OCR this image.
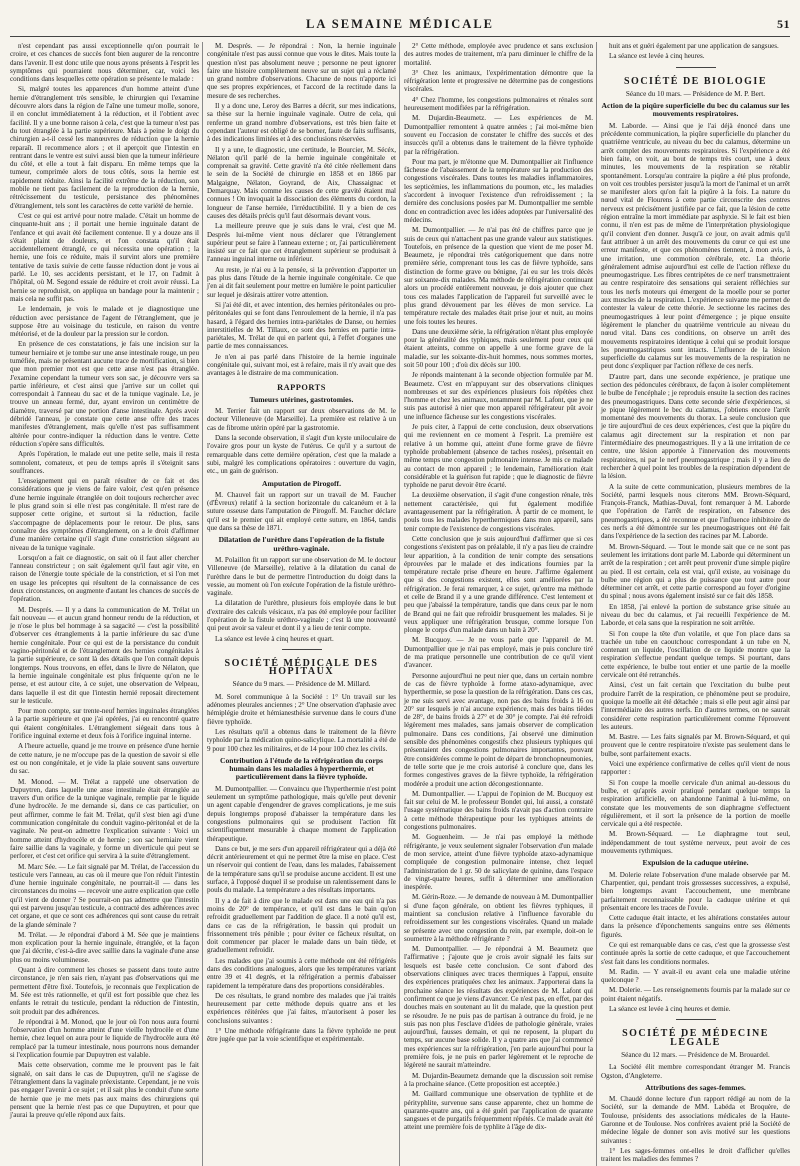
LA SEMAINE MÉDICALE	51

n'est cependant pas aussi exceptionnelle qu'on pourrait le croire, et ces chances de succès font bien augurer de la rencontre dans l'avenir. Il est donc utile que nous ayons présents à l'esprit les symptômes qui pourraient nous déterminer, car, voici les conditions dans lesquelles cette opération se présente le malade :

Si, malgré toutes les apparences d'un homme atteint d'une hernie d'étranglement très sensible, le chirurgien qui l'examine découvre alors dans la région de l'aîne une tumeur molle, sonore, il en conclut immédiatement à la réduction, et il l'obtient avec facilité. Il y a une bonne raison à cela, c'est que la tumeur n'est pas du tout étranglée à la partie supérieure. Mais à peine le doigt du chirurgien a-t-il cessé les manœuvres de réduction que la hernie reparaît. Il recommence alors ; et il aperçoit que l'intestin en rentrant dans le ventre est suivi aussi bien que la tumeur inférieure du côté, et elle a tout à fait disparu. En même temps que la tumeur, comprimée alors de tous côtés, sous la hernie est rapidement réduite. Ainsi la facilité extrême de la réduction, son mobile ne tient pas facilement de la reproduction de la hernie, rétrécissement du testicule, persistance des phénomènes d'étranglement, tels sont les caractères de cette variété de hernie.

C'est ce qui est arrivé pour notre malade. C'était un homme de cinquante-huit ans ; il portait une hernie inguinale datant de l'enfance et qui avait été facilement contenue. Il y a douze ans il s'était plaint de douleurs, et l'on constata qu'il était accidentellement étranglé, ce qui nécessita une opération ; la hernie, une fois ce réduite, mais il survint alors une première tentative de taxis suivie de cette fausse réduction dont je vous ai parlé. Le 10, ses accidents persistant, et le 17, on l'admit à l'hôpital, où M. Segond essaie de réduire et croit avoir réussi. La hernie se reproduisit, on appliqua un bandage pour la maintenir ; mais cela ne suffit pas.

Le lendemain, je vois le malade et je diagnostique une réduction avec persistance de l'agent de l'étranglement, que je suppose être au voisinage du testicule, en raison du ventre météorisé, et de la douleur par la pression sur le cordon.

En présence de ces constatations, je fais une incision sur la tumeur herniaire et je tombe sur une anse intestinale rouge, un peu tuméfiée, mais ne présentant aucune trace de mortification, si bien que mon premier mot est que cette anse n'est pas étranglée. J'examine cependant la tumeur vers son sac, je découvre vers sa partie inférieure, et c'est ainsi que j'arrive sur un collet qui correspondait à l'anneau du sac et de la tunique vaginale. Le, je trouve un anneau fermé, dur, ayant environ un centimètre de diamètre, traversé par une portion d'anse intestinale. Après avoir débridé l'anneau, je constate que cette anse offre des traces manifestes d'étranglement, mais qu'elle n'est pas suffisamment altérée pour contre-indiquer la réduction dans le ventre. Cette réduction s'opère sans difficultés.

Après l'opération, le malade eut une petite selle, mais il resta somnolent, comateux, et peu de temps après il s'éteignit sans souffrances.

L'enseignement qui en paraît résulter de ce fait et des considérations que je viens de faire valoir, c'est qu'en présence d'une hernie inguinale étranglée on doit toujours rechercher avec le plus grand soin si elle n'est pas congénitale. Il m'est rare de supposer cette origine, et surtout si la réduction, facile s'accompagne de déplacements pour le retour. De plus, sans connaître des symptômes d'étranglement, on a le droit d'affirmer d'une manière certaine qu'il s'agit d'une constriction siégeant au niveau de la tunique vaginale.

Lorsqu'on a fait ce diagnostic, on sait où il faut aller chercher l'anneau constricteur ; on sait également qu'il faut agir vite, en raison de l'énergie toute spéciale de la constriction, et si l'on met en usage les préceptes qui résultent de la connaissance de ces deux circonstances, on augmente d'autant les chances de succès de l'opération.

M. Després. — Il y a dans la communication de M. Trélat un fait nouveau — et aucun grand honneur rendu de la réduction, et je n'ose le plus bel hommage à sa sagacité — c'est la possibilité d'observer ces étranglements à la partie inférieure du sac d'une hernie congénitale. Pour ce qui est de la persistance du conduit vagino-péritonéal et de l'étranglement des hernies congénitales à la partie supérieure, ce sont là des détails que l'on connaît depuis longtemps. Nous trouvons, en effet, dans le livre de Nélaton, que la hernie inguinale congénitale est plus fréquente qu'on ne le pense, et est autour cite, à ce sujet, une observation de Velpeau, dans laquelle il est dit que l'intestin hernié reposait directement sur le testicule.

Pour mon compte, sur trente-neuf hernies inguinales étranglées à la partie supérieure et que j'ai opérées, j'ai eu rencontré quatre qui étaient congénitales. L'étranglement siégeait dans tous à l'orifice inguinal externe et deux fois à l'orifice inguinal interne.

A l'heure actuelle, quand je me trouve en présence d'une hernie de cette nature, je ne m'occupe pas de la question de savoir si elle est ou non congénitale, et je vide la plaie souvent sans ouverture du sac.

M. Monod. — M. Trélat a rappelé une observation de Dupuytren, dans laquelle une anse intestinale était étranglée au travers d'un orifice de la tunique vaginale, remplie par le liquide d'une hydrocèle. Je me demande si, dans ce cas particulier, on peut affirmer, comme le fait M. Trélat, qu'il s'est bien agi d'une communication congénitale du conduit vagino-péritonéal et de la vaginale. Ne peut-on admettre l'explication suivante : Voici un homme atteint d'hydrocèle et de hernie ; son sac herniaire vient faire saillie dans la vaginale, y forme un diverticule qui peut se perforer, et c'est cet orifice qui servira à la suite d'étranglement.

M. Marc Sée. — Le fait signalé par M. Trélat, de l'accession du testicule vers l'anneau, au cas où il meure que l'on réduit l'intestin d'une hernie inguinale congénitale, ne pourrait-il — dans les circonstances du moins — recevoir une autre explication que celle qu'il vient de donner ? Se pourrait-on pas admettre que l'intestin qui est parvenu jusqu'au testicule, a contracté des adhérences avec cet organe, et que ce sont ces adhérences qui sont cause du retrait de la glande séminale ?

M. Trélat. — Je répondrai d'abord à M. Sée que je maintiens mon explication pour la hernie inguinale, étranglée, et la façon que j'ai décrite, c'est-à-dire avec saillie dans la vaginale d'une anse plus ou moins volumineuse.

Quant à dire comment les choses se passent dans toute autre circonstance, je n'en sais rien, n'ayant pas d'observations qui me permettent d'être fixé. Toutefois, je reconnais que l'explication de M. Sée est très rationnelle, et qu'il est fort possible que chez les enfants le retrait du testicule, pendant la réduction de l'intestin, soit produit par des adhérences.

Je répondrai à M. Monod, que le jour où l'on nous aura fourni l'observation d'un homme atteint d'une vieille hydrocèle et d'une hernie, chez lequel on aura pour le liquide de l'hydrocèle aura été remplacé par la tumeur intestinale, nous pourrons nous demander si l'explication fournie par Dupuytren est valable.

Mais cette observation, comme me le prouvent pas le fait signalé, on sait dans le cas de Dupuytren, qu'il ne s'agisse de l'étranglement dans la vaginale préexistante. Cependant, je ne vois pas engager l'avenir à ce sujet ; et il sait plus le conduit d'une sorte de hernie que je me mets pas aux mains des chirurgiens qui pensent que la hernie n'est pas ce que Dupuytren, et pour que j'aurai la preuve qu'elle répond aux faits.

M. Després. — Je répondrai : Non, la hernie inguinale congénitale n'est pas aussi connue que vous le dites. Mais toute la question n'est pas absolument neuve ; personne ne peut ignorer faire une histoire complètement neuve sur un sujet qui a réclamé un grand nombre d'observations. Chacune de nous n'apporte ici que ses propres expériences, et l'accord de la rectitude dans la mesure de ses recherches.

Il y a donc une, Leroy des Barres a décrit, sur mes indications, sa thèse sur la hernie inguinale vaginale. Outre de cela, qui renferme un grand nombre d'observations, est très bien faite et cependant l'auteur est obligé de se borner, faute de faits suffisants, à des indications limitées et à des conclusions réservées.

Il y a une, le diagnostic, une certitude, le Bourcier, M. Sécéx, Nélaton qu'il parlé de la hernie inguinale congénitale et comprenait sa gravité. Cette gravité n'a été citée réellement dans le sein de la Société de chirurgie en 1858 et en 1866 par Malgaigne, Nélaton, Goyrand, de Aix, Chassaignac et Demarquay. Mais comme les causes de cette gravité étaient mal connues ! On invoquait la dissociation des éléments du cordon, la longueur de l'anse herniée, l'irréductibilité. Il y a bien de ces causes des détails précis qu'il faut désormais devant vous.

La meilleure preuve que je suis dans le vrai, c'est que M. Després lui-même vient nous déclarer que l'étranglement supérieur peut se faire à l'anneau externe ; or, j'ai particulièrement insisté sur ce fait que cet étranglement supérieur se produisait à l'anneau inguinal interne ou inférieur.

Au reste, je n'ai eu à la pensée, si la prévention d'apporter un pas plus dans l'étude de la hernie inguinale congénitale. Ce que j'en ai dit fait seulement pour mettre en lumière le point particulier sur lequel je désirais attirer votre attention.

Si j'ai été dit, et avec intention, des hernies péritonéales ou pro-péritonéales qui se font dans l'enroulement de la hernie, il n'a pas hasard, à l'égard des hernies intra-pariétales de Danse, ou hernies interstitielles de M. Tillaux, ce sont des hernies en partie intra-pariétales, M. Trélat de qui en parlent qui, à l'effet d'organes une partie de mes connaissances.

Je n'en ai pas parlé dans l'histoire de la hernie inguinale congénitale qui, suivant moi, est à refaire, mais il n'y avait que des avantages à le distraire de ma communication.

RAPPORTS
Tumeurs utérines, gastrotomies.

M. Terrier fait un rapport sur deux observations de M. le docteur Villeneuve (de Marseille). La première est relative à un cas de fibrome utérin opéré par la gastrotomie.

Dans la seconde observation, il s'agit d'un kyste uniloculaire de l'ovaire gros pour un kyste de l'utérus. Ce qu'il y a surtout de remarquable dans cette dernière opération, c'est que la malade a subi, malgré les complications opératoires : ouverture du vagin, etc., un gain de guérison.

Amputation de Pirogoff.

M. Chauvel fait un rapport sur un travail de M. Faucher (d'Évreux) relatif à la section horizontale du calcanéum et à la suture osseuse dans l'amputation de Pirogoff. M. Faucher déclare qu'il est le premier qui ait employé cette suture, en 1864, tandis que dans sa thèse de 1871.

Dilatation de l'urèthre dans l'opération de la fistule uréthro-vaginale.

M. Polaillon fit un rapport sur une observation de M. le docteur Villeneuve (de Marseille), relative à la dilatation du canal de l'urèthre dans le but de permettre l'introduction du doigt dans la vessie, au moment où l'on exécute l'opération de la fistule uréthro-vaginale.

La dilatation de l'urèthre, plusieurs fois employée dans le but d'extraire des calculs vésicaux, n'a pas été employée pour faciliter l'opération de la fistule uréthro-vaginale ; c'est là une nouveauté qui peut avoir sa valeur et dont il y a lieu de tenir compte.

La séance est levée à cinq heures et quart.

SOCIÉTÉ MÉDICALE DES HOPITAUX
Séance du 9 mars. — Présidence de M. Millard.

M. Sorel communique à la Société : 1° Un travail sur les adénomes pleurales anciennes ; 2° Une observation d'aphasie avec hémiplégie droite et hémianesthésie survenue dans le cours d'une fièvre typhoïde.

Les résultats qu'il a obtenus dans le traitement de la fièvre typhoïde par la médication quino-salicylique. La mortalité a été de 9 pour 100 chez les militaires, et de 14 pour 100 chez les civils.

Contribution à l'étude de la réfrigération du corps humain dans les maladies à hyperthermie, et particulièrement dans la fièvre typhoïde.

M. Dumontpallier. — Convaincu que l'hyperthermie n'est point seulement un symptôme pathologique, mais qu'elle peut devenir un agent capable d'engendrer de graves complications, je me suis depuis longtemps proposé d'abaisser la température dans les congestions pulmonaires qui se produisent l'action fût scientifiquement mesurable à chaque moment de l'application thérapeutique.

Dans ce but, je me sers d'un appareil réfrigérateur qui a déjà été décrit antérieurement et qui ne permet être la mise en place. C'est un réservoir qui contient de l'eau, dans les malades, l'abaissement de la température sans qu'il se produise aucune accident. Il est une surface, à l'opposé duquel il se produise un ralentissement dans le pouls du malade. La température a des résultats importants.

Il y a de fait à dire que le malade est dans une eau qui n'a pas moins de 20° de tempérance, et qu'il est dans le bain qu'on refroidit graduellement par l'addition de glace. Il a noté qu'il est, dans ce cas de la réfrigération, le bassin qui produit un frissonnement très pénible ; pour éviter ce fâcheux résultat, on doit commencer par placer le malade dans un bain tiède, et graduellement refroidir.

Les malades que j'ai soumis à cette méthode ont été réfrigérés dans des conditions analogues, alors que les températures variant entre 39 et 41 degrés, et la réfrigération a permis d'abaisser rapidement la température dans des proportions considérables.

De ces résultats, le grand nombre des malades que j'ai traités heureusement par cette méthode depuis quatre ans et les expériences réitérées que j'ai faites, m'autorisent à poser les conclusions suivantes :

1° Une méthode réfrigérante dans la fièvre typhoïde ne peut être jugée que par la voie scientifique et expérimentale.

2° Cette méthode, employée avec prudence et sans exclusion des autres modes de traitement, m'a paru diminuer le chiffre de la mortalité.

3° Chez les animaux, l'expérimentation démontre que la réfrigération lente et progressive ne détermine pas de congestions viscérales.

4° Chez l'homme, les congestions pulmonaires et rénales sont heureusement modifiées par la réfrigération.

M. Dujardin-Beaumetz. — Les expériences de M. Dumontpallier remontent à quatre années ; j'ai moi-même bien souvent eu l'occasion de constater le chiffre des succès et des insuccès qu'il a obtenus dans le traitement de la fièvre typhoïde par la réfrigération.

Pour ma part, je m'étonne que M. Dumontpallier ait l'influence fâcheuse de l'abaissement de la température sur la production des congestions viscérales. Dans toutes les maladies inflammatoires, les septicémies, les inflammations du poumon, etc., les maladies s'accordent à invoquer l'existence d'un refroidissement ; la dernière des conclusions posées par M. Dumontpallier me semble donc en contradiction avec les idées adoptées par l'universalité des médecins.

M. Dumontpallier. — Je n'ai pas été de chiffres parce que je suis de ceux qui n'attachent pas une grande valeur aux statistiques. Toutefois, en présence de la question que vient de me poser M. Beaumetz, je répondrai très catégoriquement que dans notre première série, comprenant tous les cas de fièvre typhoïde, sans distinction de forme grave ou bénigne, j'ai eu sur les trois décès sur soixante-dix malades. Ma méthode de réfrigération continuant alors un procédé entièrement nouveau, je dois ajouter que chez tous ces malades l'application de l'appareil fut surveillé avec le plus grand dévouement par les élèves de mon service. La température rectale des malades était prise jour et nuit, au moins une fois toutes les heures.

Dans une deuxième série, la réfrigération n'étant plus employée pour la généralité des typhiques, mais seulement pour ceux qui étaient atteints, comme on appelle à une forme grave de la maladie, sur les soixante-dix-huit hommes, nous sommes mortes, soit 50 pour 100 ; d'où dix décès sur 100.

Je réponds maintenant à la seconde objection formulée par M. Beaumetz. C'est en m'appuyant sur des observations cliniques nombreuses et sur des expériences plusieurs fois répétées chez l'homme et chez les animaux, notamment par M. Lafont, que je ne suis pas autorisé à nier que mon appareil réfrigérateur pût avoir une influence fâcheuse sur les congestions viscérales.

Je puis citer, à l'appui de cette conclusion, deux observations qui me reviennent en ce moment à l'esprit. La première est relative à un homme qui, atteint d'une forme grave de fièvre typhoïde probablement (absence de taches rosées), présentait en même temps une congestion pulmonaire intense. Je mis ce malade au contact de mon appareil ; le lendemain, l'amélioration était considérable et la guérison fut rapide ; que le diagnostic de fièvre typhoïde ne parut devoir être écarté.

La deuxième observation, il s'agit d'une congestion rénale, très nettement caractérisée, qui fut également modifiée avantageusement par la réfrigération. À partir de ce moment, le pouls tous les malades hyperthermiques dans mon appareil, sans tenir compte de l'existence de congestions viscérales.

Cette conclusion que je suis aujourd'hui d'affirmer que si ces congestions s'existent pas on préalable, il n'y a pas lieu de craindre leur apparition, à la condition de tenir compte des sensations éprouvées par le malade et des indications fournies par la température rectale prise d'heure en heure. J'affirme également que si des congestions existent, elles sont améliorées par la réfrigération. Je ferai remarquer, à ce sujet, qu'entre ma méthode et celle de Brand il y a une grande différence. C'est lentement et peu que j'abaissé la température, tandis que dans ceux par le nom de Brand qui ne fait que refroidir brusquement les malades. Si je veux appliquer une réfrigération brusque, comme lorsque l'on plonge le corps d'un malade dans un bain à 20°.

M. Bucquoy. — Je ne vous parle que l'appareil de M. Dumontpallier que je n'ai pas employé, mais je puis conclure tiré de ma pratique personnelle une contribution de ce qu'il vient d'avancer.

Personne aujourd'hui ne peut nier que, dans un certain nombre de cas de fièvre typhoïde à forme ataxo-adynamique, avec hyperthermie, se pose la question de la réfrigération. Dans ces cas, je me suis servi avec avantage, non pas des bains froids à 16 ou 20° sur lesquels je n'ai aucune expérience, mais des bains tièdes de 28°, de bains froids à 27° et de 30° je compte. J'ai été refroidi légèrement mes malades, sans jamais observer de complication pulmonaire. Dans ces conditions, j'ai observé une diminution sensible des phénomènes congestifs chez plusieurs typhiques qui présentaient des congestions pulmonaires importantes, pouvant être considérées comme le point de départ de bronchopneumonies, de telle sorte que je me crois autorisé à conclure que, dans les formes congestives graves de la fièvre typhoïde, la réfrigération modérée a produit une action décongestionnante.

M. Dumontpallier. — L'appui de l'opinion de M. Bucquoy est fait sur celui de M. le professeur Bondet qui, lui aussi, a constaté l'usage systématique des bains froids n'avait pas d'action contraire à cette méthode thérapeutique pour les typhiques atteints de congestions pulmonaires.

M. Goguenheim. — Je n'ai pas employé la méthode réfrigérante, je veux seulement signaler l'observation d'un malade de mon service, atteint d'une fièvre typhoïde ataxo-adynamique compliquée de congestion pulmonaire intense, chez lequel l'administration de 1 gr. 50 de salicylate de quinine, dans l'espace de vingt-quatre heures, suffit à déterminer une amélioration inespérée.

M. Gérin-Roze. — Je demande de nouveau à M. Dumontpallier si d'une façon générale, on obtient les fièvres typhiques, il maintient sa conclusion relative à l'influence favorable du refroidissement sur les congestions viscérales. Quand un malade se présente avec une congestion du rein, par exemple, doit-on le soumettre à la méthode réfrigérante ?

M. Dumontpallier. — Je répondrai à M. Beaumetz que l'affirmative ; j'ajoute que je crois avoir signalé les faits sur lesquels est basée cette conclusion. Ce sont d'abord des observations cliniques avec traces thermiques à l'appui, ensuite des expériences pratiquées chez les animaux. J'apporterai dans la prochaine séance les résultats des expériences de M. Lafont qui confirment ce que je viens d'avancer. Ce n'est pas, en effet, par des douches mais en soutenant au lit du malade, que la question peut se résoudre. Je ne puis pas de partisan à outrance du froid, je ne suis pas non plus l'esclave d'idées de pathologie générale, vraies aujourd'hui, fausses demain, et qui ne reposent, la plupart du temps, sur aucune base solide. Il y a quatre ans que j'ai commencé mes expériences sur la réfrigération, j'en parle aujourd'hui pour la première fois, je ne puis en parler légèrement et le reproche de légèreté ne saurait m'atteindre.

M. Dujardin-Beaumetz demande que la discussion soit remise à la prochaine séance. (Cette proposition est acceptée.)

M. Gaillard communique une observation de typhlite et de pérityphlite, survenue sans cause apparente, chez un homme de quarante-quatre ans, qui a été guéri par l'application de quarante sangsues et de purgatifs fréquemment répétés. Ce malade avait été atteint une première fois de typhlite à l'âge de dix-

huit ans et guéri également par une application de sangsues.

La séance est levée à cinq heures.

SOCIÉTÉ DE BIOLOGIE
Séance du 10 mars. — Présidence de M. P. Bert.
Action de la piqûre superficielle du bec du calamus sur les mouvements respiratoires.

M. Laborde. — Ainsi que je l'ai déjà énoncé dans une précédente communication, la piqûre superficielle du plancher du quatrième ventricule, au niveau du bec du calamus, détermine un arrêt complet des mouvements respiratoires. Si l'expérience a été bien faite, on voit, au bout de temps très court, une à deux minutes, les mouvements de la respiration se rétablir spontanément. Lorsqu'au contraire la piqûre a été plus profonde, on voit ces troubles persister jusqu'à la mort de l'animal et un arrêt se manifester alors qu'on fait la piqûre à la fois. La nature du nœud vital de Flourens à cette partie circonscrite des centres nerveux est précisément justifiée par ce fait, que la lésion de cette région entraîne la mort immédiate par asphyxie. Si le fait est bien connu, il n'en est pas de même de l'interprétation physiologique qu'il convient d'en donner. Jusqu'à ce jour, on avait admis qu'il faut attribuer à un arrêt des mouvements du cœur ce qui est une erreur manifeste, et que ces phénomènes tiennent, à mon avis, à une irritation, une commotion cérébrale, etc. La théorie généralement admise aujourd'hui est celle de l'action réflexe du pneumogastrique. Les fibres centripètes de ce nerf transmettraient au centre respiratoire des sensations qui seraient réfléchies sur tous les nerfs moteurs qui émergent de la moelle pour se porter aux muscles de la respiration. L'expérience suivante me permet de contester la valeur de cette théorie. Je sectionne les racines des pneumogastriques à leur point d'émergence ; je pique ensuite légèrement le plancher du quatrième ventricule au niveau du nœud vital. Dans ces conditions, on observe un arrêt des mouvements respiratoires identique à celui qui se produit lorsque les pneumogastriques sont intacts. L'influence de la lésion superficielle du calamus sur les mouvements de la respiration ne peut donc s'expliquer par l'action réflexe de ces nerfs.

D'autre part, dans une seconde expérience, je pratique une section des pédoncules cérébraux, de façon à isoler complètement le bulbe de l'encéphale ; je reproduis ensuite la section des racines des pneumogastriques. Dans cette seconde série d'expériences, si je pique légèrement le bec du calamus, j'obtiens encore l'arrêt momentané des mouvements du thorax. La seule conclusion que je tire aujourd'hui de ces deux expériences, c'est que la piqûre du calamus agit directement sur la respiration et non par l'intermédiaire des pneumogastriques. Il y a là une irritation de ce centre, une lésion apportée à l'innervation des mouvements respiratoires, ni par le nerf pneumogastrique ; mais il y a lieu de rechercher à quel point les troubles de la respiration dépendent de la lésion.

A la suite de cette communication, plusieurs membres de la Société, parmi lesquels nous citerons MM. Brown-Séquard, François-Franck, Mathias-Duval, font remarquer à M. Laborde que l'opération de l'arrêt de respiration, en l'absence des pneumogastriques, a été reconnue et que l'influence inhibitoire de ces nerfs a été démontrée sur les pneumogastriques ont été fait dans l'expérience de la section des racines par M. Laborde.

M. Brown-Séquard. — Tout le monde sait que ce ne sont pas seulement les irritations dont parle M. Laborde qui déterminent un arrêt de la respiration ; cet arrêt peut provenir d'une simple piqûre au pied. Il est certain, cela est vrai, qu'il existe, au voisinage du bulbe une région qui a plus de puissance que tout autre pour déterminer cet arrêt, et cette partie correspond au foyer d'origine du spinal ; nous avons également insisté sur ce fait dès 1858.

En 1858, j'ai enlevé la portion de substance grise située au niveau du bec du calamus, et j'ai recueilli l'expérience de M. Laborde, et cela sans que la respiration ne soit arrêtée.

Si l'on coupe la tête d'un volatile, et que l'on place dans sa trachée un tube en caoutchouc correspondant à un tube en N, contenant un liquide, l'oscillation de ce liquide montre que la respiration s'effectue pendant quelque temps. Si pourtant, dans cette expérience, le bulbe tout entier et une partie de la moelle cervicale ont été retranchés.

Ainsi, c'est un fait certain que l'excitation du bulbe peut produire l'arrêt de la respiration, ce phénomène peut se produire, quoique la moelle ait été détachée ; mais si elle peut agir ainsi par l'intermédiaire des autres nerfs. En d'autres termes, on ne saurait considérer cette respiration particulièrement comme l'éprouvent les auteurs.

M. Bastre. — Les faits signalés par M. Brown-Séquard, et qui prouvent que le centre respiratoire n'existe pas seulement dans le bulbe, sont parfaitement exacts.

Voici une expérience confirmative de celles qu'il vient de nous rapporter :

Si l'on coupe la moelle cervicale d'un animal au-dessous du bulbe, et qu'après avoir pratiqué pendant quelque temps la respiration artificielle, on abandonne l'animal à lui-même, on constate que les mouvements de son diaphragme s'effectuent régulièrement, et il sort la présence de la portion de moelle cervicale qui a été respectée.

M. Brown-Séquard. — Le diaphragme tout seul, indépendamment de tout système nerveux, peut avoir de ces mouvements rythmiques.

Expulsion de la caduque utérine.

M. Dolerie relate l'observation d'une malade observée par M. Charpentier, qui, pendant trois grossesses successives, a expulsé, bien longtemps avant l'accouchement, une membrane parfaitement reconnaissable pour la caduque utérine et qui présentait encore les traces de l'ovule.

Cette caduque était intacte, et les altérations constatées autour dans la présence d'éponchements sanguins entre ses éléments figurés.

Ce qui est remarquable dans ce cas, c'est que la grossesse s'est continuée après la sortie de cette caduque, et que l'accouchement s'est fait dans les conditions normales.

M. Radin. — Y avait-il eu avant cela une maladie utérine quelconque ?

M. Dolerie. — Les renseignements fournis par la malade sur ce point étaient négatifs.

La séance est levée à cinq heures et demie.

SOCIÉTÉ DE MÉDECINE LÉGALE
Séance du 12 mars. — Présidence de M. Brouardel.

La Société élit membre correspondant étranger M. Francis Ogston, d'Angleterre.

Attributions des sages-femmes.

M. Chaudé donne lecture d'un rapport rédigé au nom de la Société, sur la demande de MM. Labéda et Broquère, de Toulouse, présidents des associations médicales de la Haute-Garonne et de Toulouse. Nos confrères avaient prié la Société de médecine légale de donner son avis motivé sur les questions suivantes :

1° Les sages-femmes ont-elles le droit d'afficher qu'elles traitent les maladies des femmes ?
